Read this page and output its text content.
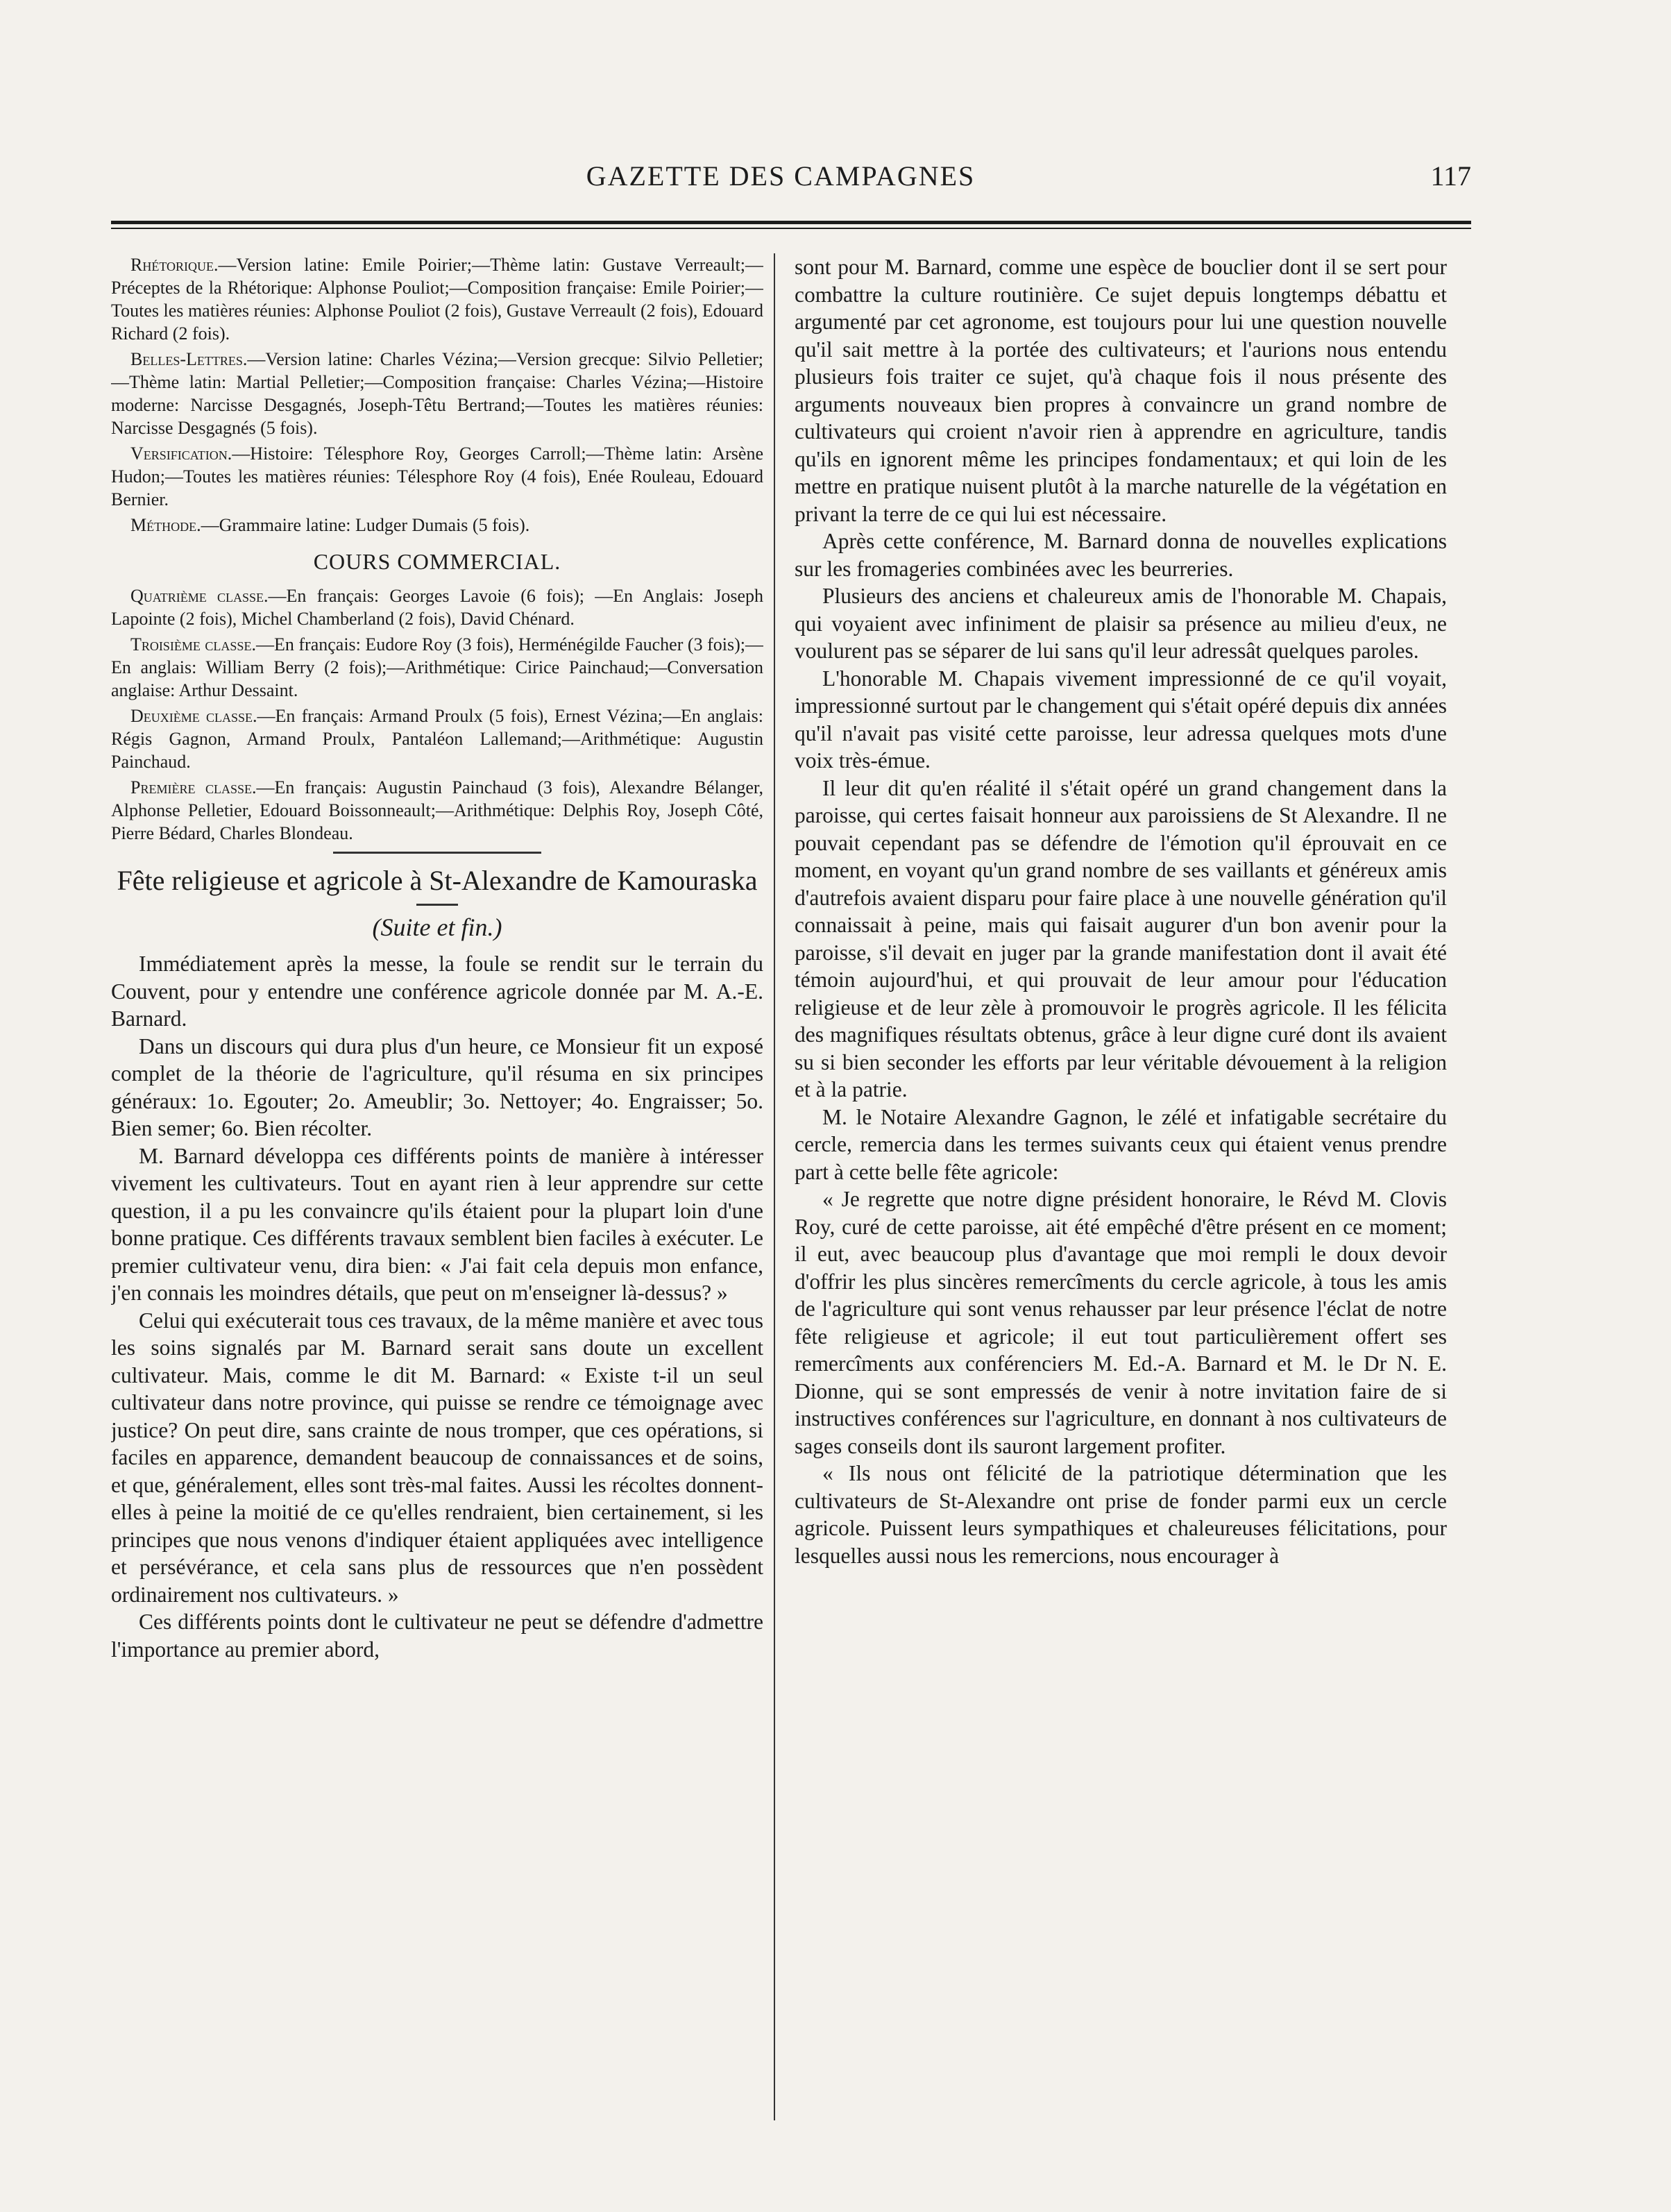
GAZETTE DES CAMPAGNES	117

Rhétorique.—Version latine: Emile Poirier;—Thème latin: Gustave Verreault;—Préceptes de la Rhétorique: Alphonse Pouliot;—Composition française: Emile Poirier;—Toutes les matières réunies: Alphonse Pouliot (2 fois), Gustave Verreault (2 fois), Edouard Richard (2 fois).

Belles-Lettres.—Version latine: Charles Vézina;—Version grecque: Silvio Pelletier;—Thème latin: Martial Pelletier;—Composition française: Charles Vézina;—Histoire moderne: Narcisse Desgagnés, Joseph-Têtu Bertrand;—Toutes les matières réunies: Narcisse Desgagnés (5 fois).

Versification.—Histoire: Télesphore Roy, Georges Carroll;—Thème latin: Arsène Hudon;—Toutes les matières réunies: Télesphore Roy (4 fois), Enée Rouleau, Edouard Bernier.

Méthode.—Grammaire latine: Ludger Dumais (5 fois).

COURS COMMERCIAL.

Quatrième classe.—En français: Georges Lavoie (6 fois); —En Anglais: Joseph Lapointe (2 fois), Michel Chamberland (2 fois), David Chénard.

Troisième classe.—En français: Eudore Roy (3 fois), Herménégilde Faucher (3 fois);—En anglais: William Berry (2 fois);—Arithmétique: Cirice Painchaud;—Conversation anglaise: Arthur Dessaint.

Deuxième classe.—En français: Armand Proulx (5 fois), Ernest Vézina;—En anglais: Régis Gagnon, Armand Proulx, Pantaléon Lallemand;—Arithmétique: Augustin Painchaud.

Première classe.—En français: Augustin Painchaud (3 fois), Alexandre Bélanger, Alphonse Pelletier, Edouard Boissonneault;—Arithmétique: Delphis Roy, Joseph Côté, Pierre Bédard, Charles Blondeau.

Fête religieuse et agricole à St-Alexandre de Kamouraska
(Suite et fin.)

Immédiatement après la messe, la foule se rendit sur le terrain du Couvent, pour y entendre une conférence agricole donnée par M. A.-E. Barnard.

Dans un discours qui dura plus d'un heure, ce Monsieur fit un exposé complet de la théorie de l'agriculture, qu'il résuma en six principes généraux: 1o. Egouter; 2o. Ameublir; 3o. Nettoyer; 4o. Engraisser; 5o. Bien semer; 6o. Bien récolter.

M. Barnard développa ces différents points de manière à intéresser vivement les cultivateurs. Tout en ayant rien à leur apprendre sur cette question, il a pu les convaincre qu'ils étaient pour la plupart loin d'une bonne pratique. Ces différents travaux semblent bien faciles à exécuter. Le premier cultivateur venu, dira bien: « J'ai fait cela depuis mon enfance, j'en connais les moindres détails, que peut on m'enseigner là-dessus? »

Celui qui exécuterait tous ces travaux, de la même manière et avec tous les soins signalés par M. Barnard serait sans doute un excellent cultivateur. Mais, comme le dit M. Barnard: « Existe t-il un seul cultivateur dans notre province, qui puisse se rendre ce témoignage avec justice? On peut dire, sans crainte de nous tromper, que ces opérations, si faciles en apparence, demandent beaucoup de connaissances et de soins, et que, généralement, elles sont très-mal faites. Aussi les récoltes donnent-elles à peine la moitié de ce qu'elles rendraient, bien certainement, si les principes que nous venons d'indiquer étaient appliquées avec intelligence et persévérance, et cela sans plus de ressources que n'en possèdent ordinairement nos cultivateurs. »

Ces différents points dont le cultivateur ne peut se défendre d'admettre l'importance au premier abord,

sont pour M. Barnard, comme une espèce de bouclier dont il se sert pour combattre la culture routinière. Ce sujet depuis longtemps débattu et argumenté par cet agronome, est toujours pour lui une question nouvelle qu'il sait mettre à la portée des cultivateurs; et l'aurions nous entendu plusieurs fois traiter ce sujet, qu'à chaque fois il nous présente des arguments nouveaux bien propres à convaincre un grand nombre de cultivateurs qui croient n'avoir rien à apprendre en agriculture, tandis qu'ils en ignorent même les principes fondamentaux; et qui loin de les mettre en pratique nuisent plutôt à la marche naturelle de la végétation en privant la terre de ce qui lui est nécessaire.

Après cette conférence, M. Barnard donna de nouvelles explications sur les fromageries combinées avec les beurreries.

Plusieurs des anciens et chaleureux amis de l'honorable M. Chapais, qui voyaient avec infiniment de plaisir sa présence au milieu d'eux, ne voulurent pas se séparer de lui sans qu'il leur adressât quelques paroles.

L'honorable M. Chapais vivement impressionné de ce qu'il voyait, impressionné surtout par le changement qui s'était opéré depuis dix années qu'il n'avait pas visité cette paroisse, leur adressa quelques mots d'une voix très-émue.

Il leur dit qu'en réalité il s'était opéré un grand changement dans la paroisse, qui certes faisait honneur aux paroissiens de St Alexandre. Il ne pouvait cependant pas se défendre de l'émotion qu'il éprouvait en ce moment, en voyant qu'un grand nombre de ses vaillants et généreux amis d'autrefois avaient disparu pour faire place à une nouvelle génération qu'il connaissait à peine, mais qui faisait augurer d'un bon avenir pour la paroisse, s'il devait en juger par la grande manifestation dont il avait été témoin aujourd'hui, et qui prouvait de leur amour pour l'éducation religieuse et de leur zèle à promouvoir le progrès agricole. Il les félicita des magnifiques résultats obtenus, grâce à leur digne curé dont ils avaient su si bien seconder les efforts par leur véritable dévouement à la religion et à la patrie.

M. le Notaire Alexandre Gagnon, le zélé et infatigable secrétaire du cercle, remercia dans les termes suivants ceux qui étaient venus prendre part à cette belle fête agricole:

« Je regrette que notre digne président honoraire, le Révd M. Clovis Roy, curé de cette paroisse, ait été empêché d'être présent en ce moment; il eut, avec beaucoup plus d'avantage que moi rempli le doux devoir d'offrir les plus sincères remercîments du cercle agricole, à tous les amis de l'agriculture qui sont venus rehausser par leur présence l'éclat de notre fête religieuse et agricole; il eut tout particulièrement offert ses remercîments aux conférenciers M. Ed.-A. Barnard et M. le Dr N. E. Dionne, qui se sont empressés de venir à notre invitation faire de si instructives conférences sur l'agriculture, en donnant à nos cultivateurs de sages conseils dont ils sauront largement profiter.

« Ils nous ont félicité de la patriotique détermination que les cultivateurs de St-Alexandre ont prise de fonder parmi eux un cercle agricole. Puissent leurs sympathiques et chaleureuses félicitations, pour lesquelles aussi nous les remercions, nous encourager à
